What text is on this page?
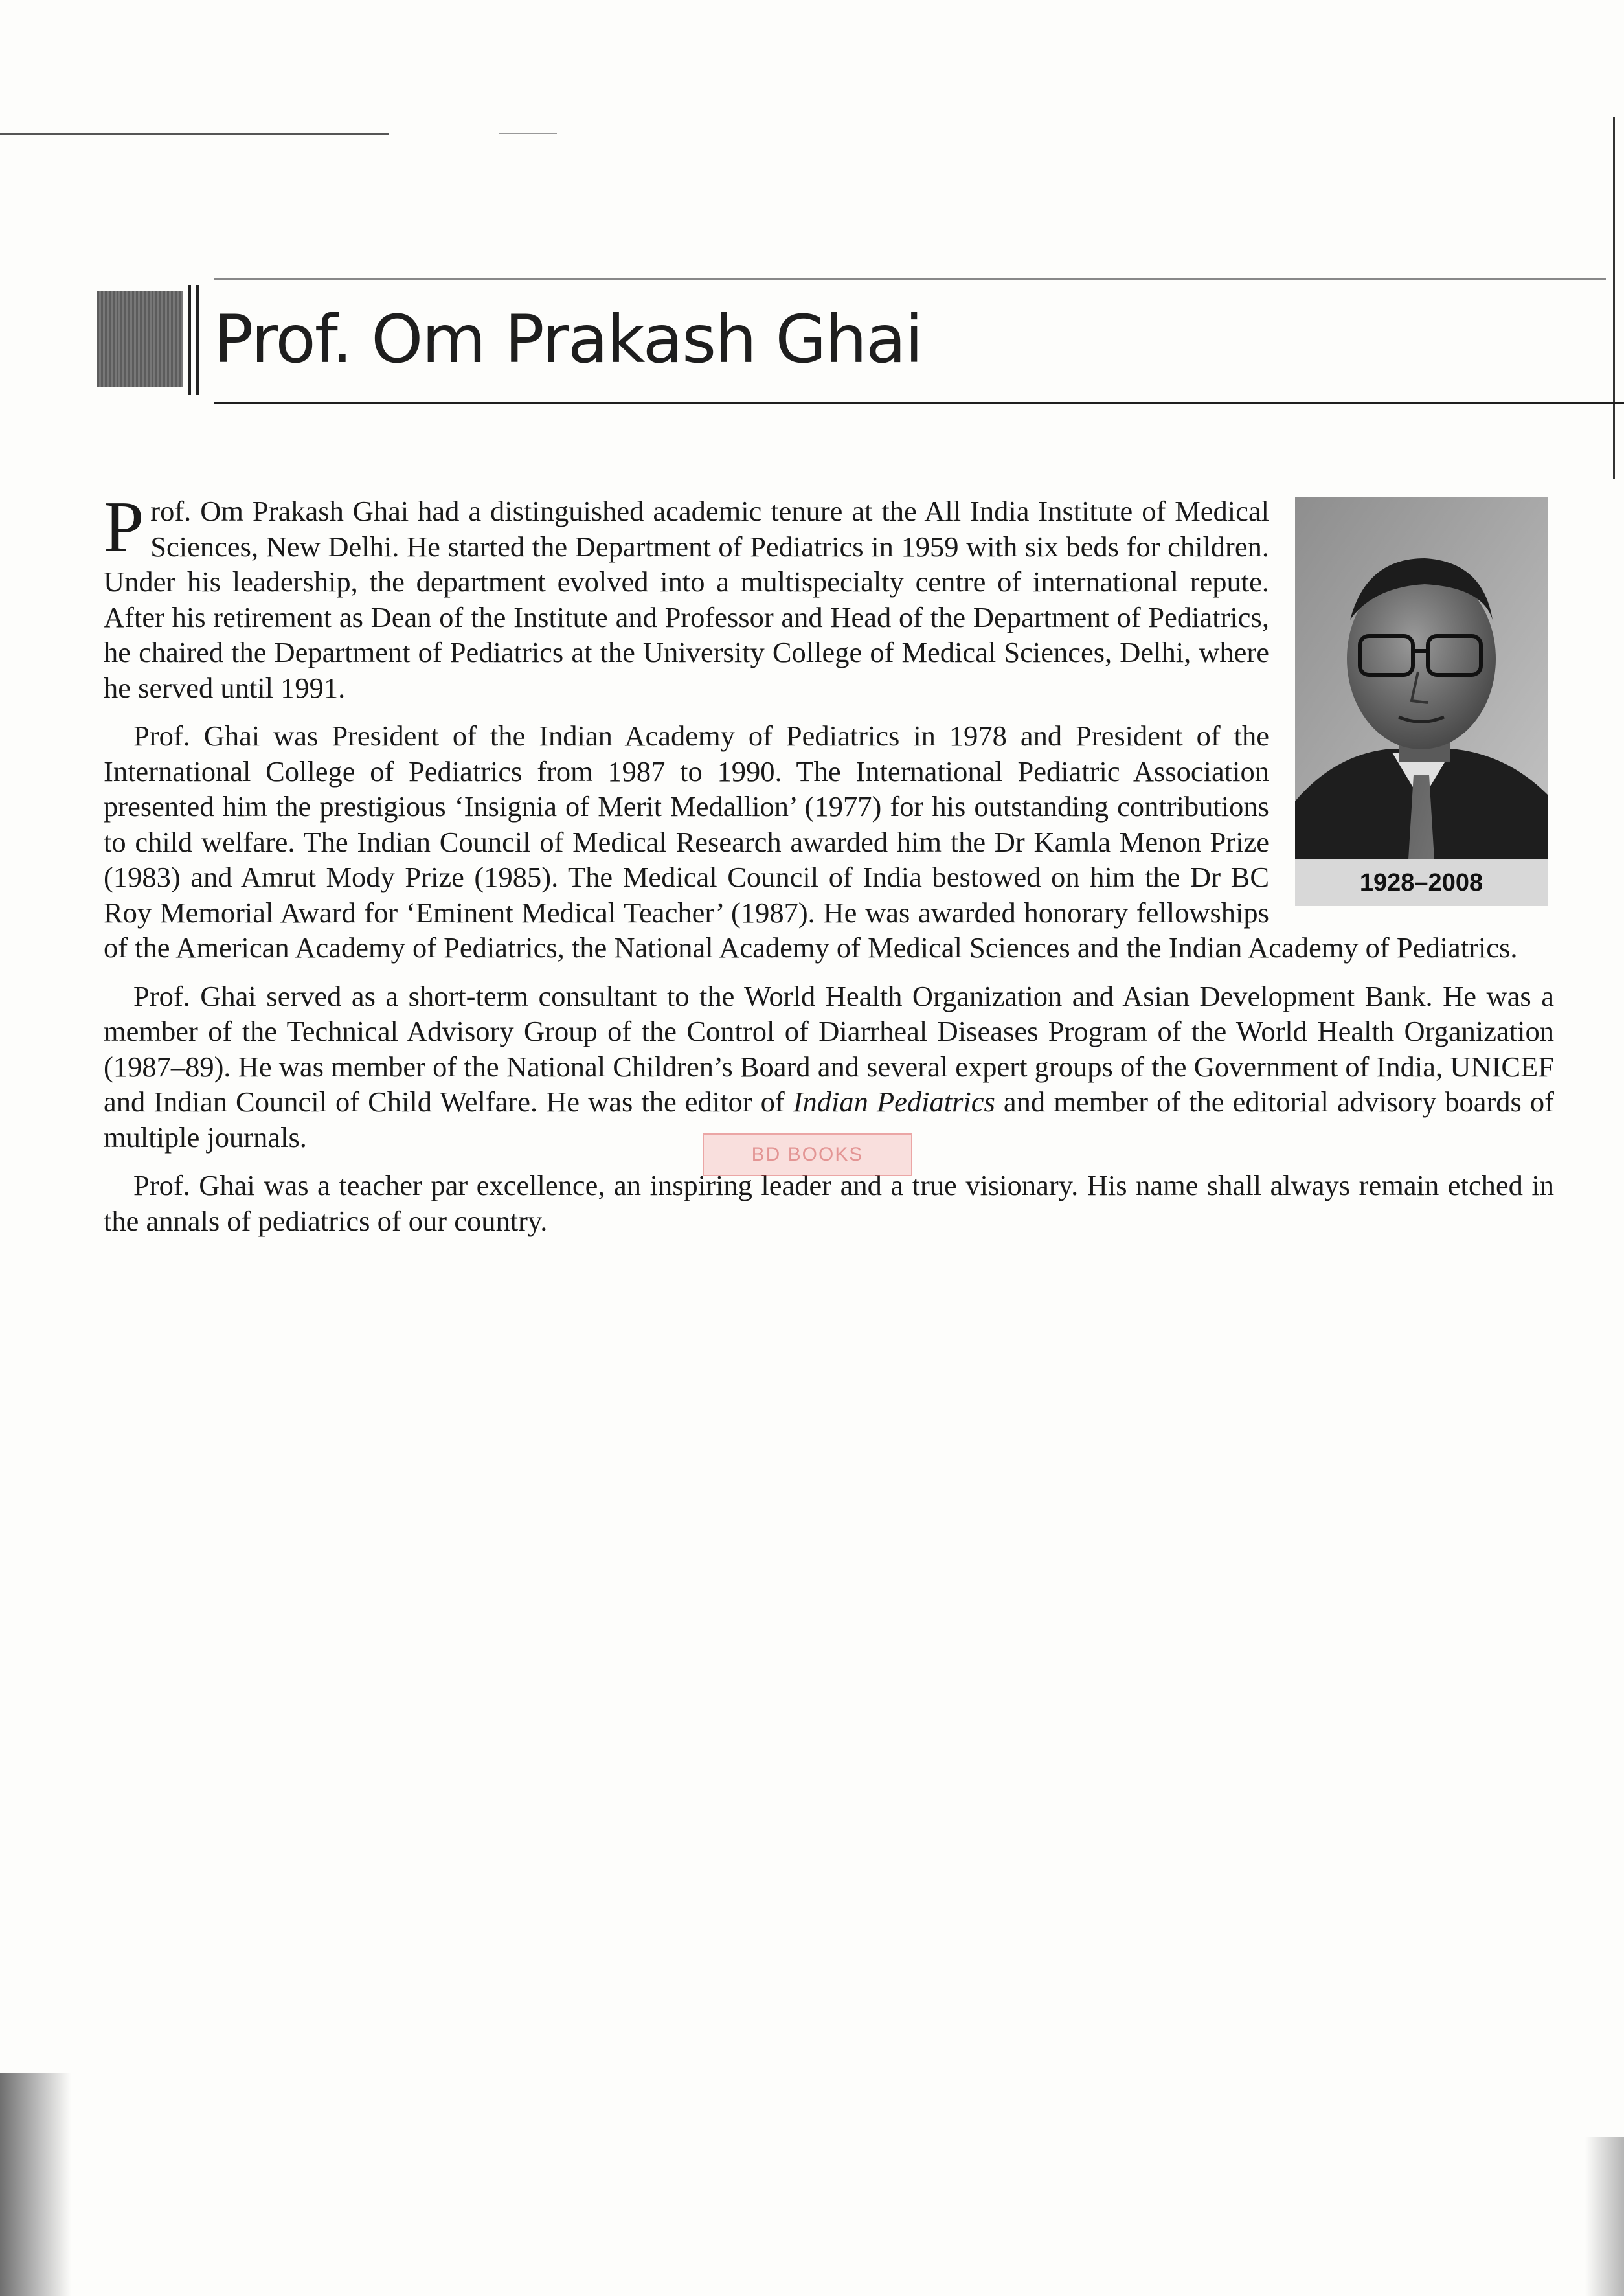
Prof. Om Prakash Ghai
1928–2008

Prof. Om Prakash Ghai had a distinguished academic tenure at the All India Institute of Medical Sciences, New Delhi. He started the Department of Pediatrics in 1959 with six beds for children. Under his leadership, the department evolved into a multispecialty centre of international repute. After his retirement as Dean of the Institute and Professor and Head of the Department of Pediatrics, he chaired the Department of Pediatrics at the University College of Medical Sciences, Delhi, where he served until 1991.

Prof. Ghai was President of the Indian Academy of Pediatrics in 1978 and President of the International College of Pediatrics from 1987 to 1990. The International Pediatric Association presented him the prestigious ‘Insignia of Merit Medallion’ (1977) for his outstanding contributions to child welfare. The Indian Council of Medical Research awarded him the Dr Kamla Menon Prize (1983) and Amrut Mody Prize (1985). The Medical Council of India bestowed on him the Dr BC Roy Memorial Award for ‘Eminent Medical Teacher’ (1987). He was awarded honorary fellowships of the American Academy of Pediatrics, the National Academy of Medical Sciences and the Indian Academy of Pediatrics.

Prof. Ghai served as a short-term consultant to the World Health Organization and Asian Development Bank. He was a member of the Technical Advisory Group of the Control of Diarrheal Diseases Program of the World Health Organization (1987–89). He was member of the National Children’s Board and several expert groups of the Government of India, UNICEF and Indian Council of Child Welfare. He was the editor of Indian Pediatrics and member of the editorial advisory boards of multiple journals.

Prof. Ghai was a teacher par excellence, an inspiring leader and a true visionary. His name shall always remain etched in the annals of pediatrics of our country.

BD BOOKS
